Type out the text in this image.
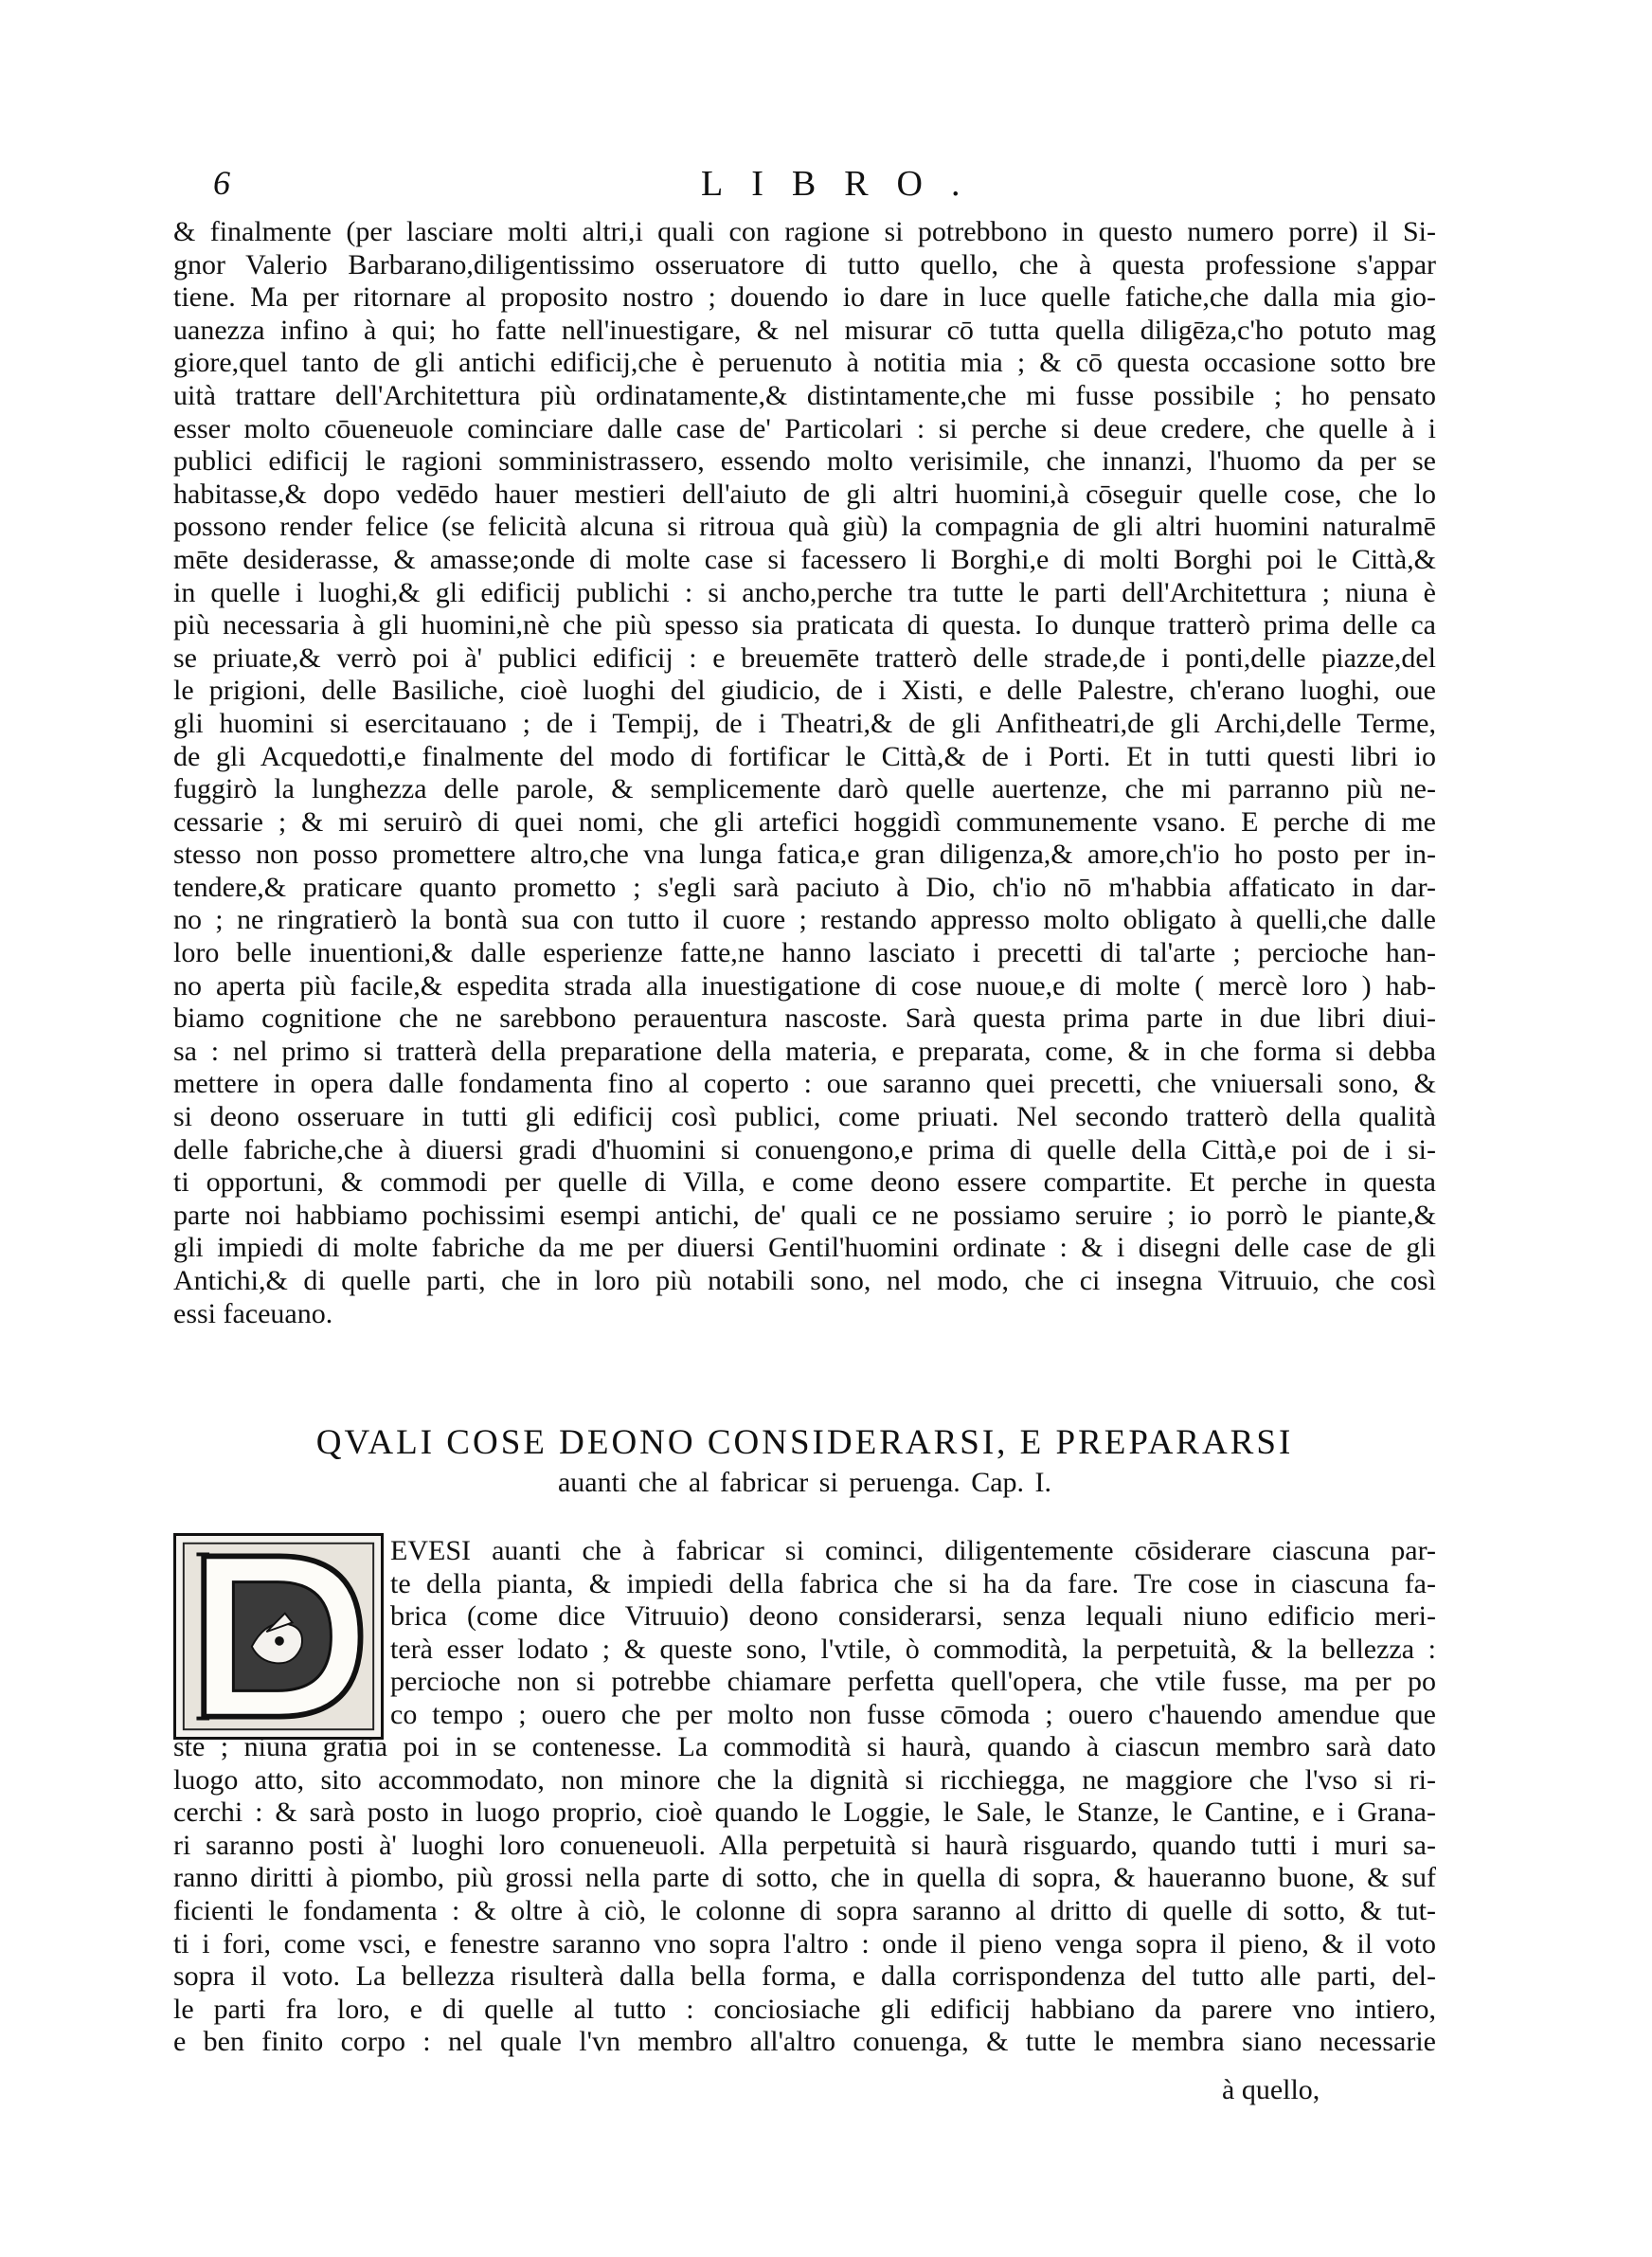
6	LIBRO.
& finalmente (per lasciare molti altri,i quali con ragione si potrebbono in questo numero porre) il Si-
gnor Valerio Barbarano,diligentissimo osseruatore di tutto quello, che à questa professione s'appar
tiene. Ma per ritornare al proposito nostro ; douendo io dare in luce quelle fatiche,che dalla mia gio-
uanezza infino à qui; ho fatte nell'inuestigare, & nel misurar cō tutta quella diligēza,c'ho potuto mag
giore,quel tanto de gli antichi edificij,che è peruenuto à notitia mia ; & cō questa occasione sotto bre
uità trattare dell'Architettura più ordinatamente,& distintamente,che mi fusse possibile ; ho pensato
esser molto cōueneuole cominciare dalle case de' Particolari : si perche si deue credere, che quelle à i
publici edificij le ragioni somministrassero, essendo molto verisimile, che innanzi, l'huomo da per se
habitasse,& dopo vedēdo hauer mestieri dell'aiuto de gli altri huomini,à cōseguir quelle cose, che lo
possono render felice (se felicità alcuna si ritroua quà giù) la compagnia de gli altri huomini naturalmē
mēte desiderasse, & amasse;onde di molte case si facessero li Borghi,e di molti Borghi poi le Città,&
in quelle i luoghi,& gli edificij publichi : si ancho,perche tra tutte le parti dell'Architettura ; niuna è
più necessaria à gli huomini,nè che più spesso sia praticata di questa. Io dunque tratterò prima delle ca
se priuate,& verrò poi à' publici edificij : e breuemēte tratterò delle strade,de i ponti,delle piazze,del
le prigioni, delle Basiliche, cioè luoghi del giudicio, de i Xisti, e delle Palestre, ch'erano luoghi, oue
gli huomini si esercitauano ; de i Tempij, de i Theatri,& de gli Anfitheatri,de gli Archi,delle Terme,
de gli Acquedotti,e finalmente del modo di fortificar le Città,& de i Porti. Et in tutti questi libri io
fuggirò la lunghezza delle parole, & semplicemente darò quelle auertenze, che mi parranno più ne-
cessarie ; & mi seruirò di quei nomi, che gli artefici hoggidì communemente vsano. E perche di me
stesso non posso promettere altro,che vna lunga fatica,e gran diligenza,& amore,ch'io ho posto per in-
tendere,& praticare quanto prometto ; s'egli sarà paciuto à Dio, ch'io nō m'habbia affaticato in dar-
no ; ne ringratierò la bontà sua con tutto il cuore ; restando appresso molto obligato à quelli,che dalle
loro belle inuentioni,& dalle esperienze fatte,ne hanno lasciato i precetti di tal'arte ; percioche han-
no aperta più facile,& espedita strada alla inuestigatione di cose nuoue,e di molte ( mercè loro ) hab-
biamo cognitione che ne sarebbono perauentura nascoste. Sarà questa prima parte in due libri diui-
sa : nel primo si tratterà della preparatione della materia, e preparata, come, & in che forma si debba
mettere in opera dalle fondamenta fino al coperto : oue saranno quei precetti, che vniuersali sono, &
si deono osseruare in tutti gli edificij così publici, come priuati. Nel secondo tratterò della qualità
delle fabriche,che à diuersi gradi d'huomini si conuengono,e prima di quelle della Città,e poi de i si-
ti opportuni, & commodi per quelle di Villa, e come deono essere compartite. Et perche in questa
parte noi habbiamo pochissimi esempi antichi, de' quali ce ne possiamo seruire ; io porrò le piante,&
gli impiedi di molte fabriche da me per diuersi Gentil'huomini ordinate : & i disegni delle case de gli
Antichi,& di quelle parti, che in loro più notabili sono, nel modo, che ci insegna Vitruuio, che così
essi faceuano.
QVALI COSE DEONO CONSIDERARSI, E PREPARARSI
auanti che al fabricar si peruenga. Cap. I.
EVESI auanti che à fabricar si cominci, diligentemente cōsiderare ciascuna par-
te della pianta, & impiedi della fabrica che si ha da fare. Tre cose in ciascuna fa-
brica (come dice Vitruuio) deono considerarsi, senza lequali niuno edificio meri-
terà esser lodato ; & queste sono, l'vtile, ò commodità, la perpetuità, & la bellezza :
percioche non si potrebbe chiamare perfetta quell'opera, che vtile fusse, ma per po
co tempo ; ouero che per molto non fusse cōmoda ; ouero c'hauendo amendue que
ste ; niuna gratia poi in se contenesse. La commodità si haurà, quando à ciascun membro sarà dato
luogo atto, sito accommodato, non minore che la dignità si ricchiegga, ne maggiore che l'vso si ri-
cerchi : & sarà posto in luogo proprio, cioè quando le Loggie, le Sale, le Stanze, le Cantine, e i Grana-
ri saranno posti à' luoghi loro conueneuoli. Alla perpetuità si haurà risguardo, quando tutti i muri sa-
ranno diritti à piombo, più grossi nella parte di sotto, che in quella di sopra, & haueranno buone, & suf
ficienti le fondamenta : & oltre à ciò, le colonne di sopra saranno al dritto di quelle di sotto, & tut-
ti i fori, come vsci, e fenestre saranno vno sopra l'altro : onde il pieno venga sopra il pieno, & il voto
sopra il voto. La bellezza risulterà dalla bella forma, e dalla corrispondenza del tutto alle parti, del-
le parti fra loro, e di quelle al tutto : conciosiache gli edificij habbiano da parere vno intiero,
e ben finito corpo : nel quale l'vn membro all'altro conuenga, & tutte le membra siano necessarie
à quello,
